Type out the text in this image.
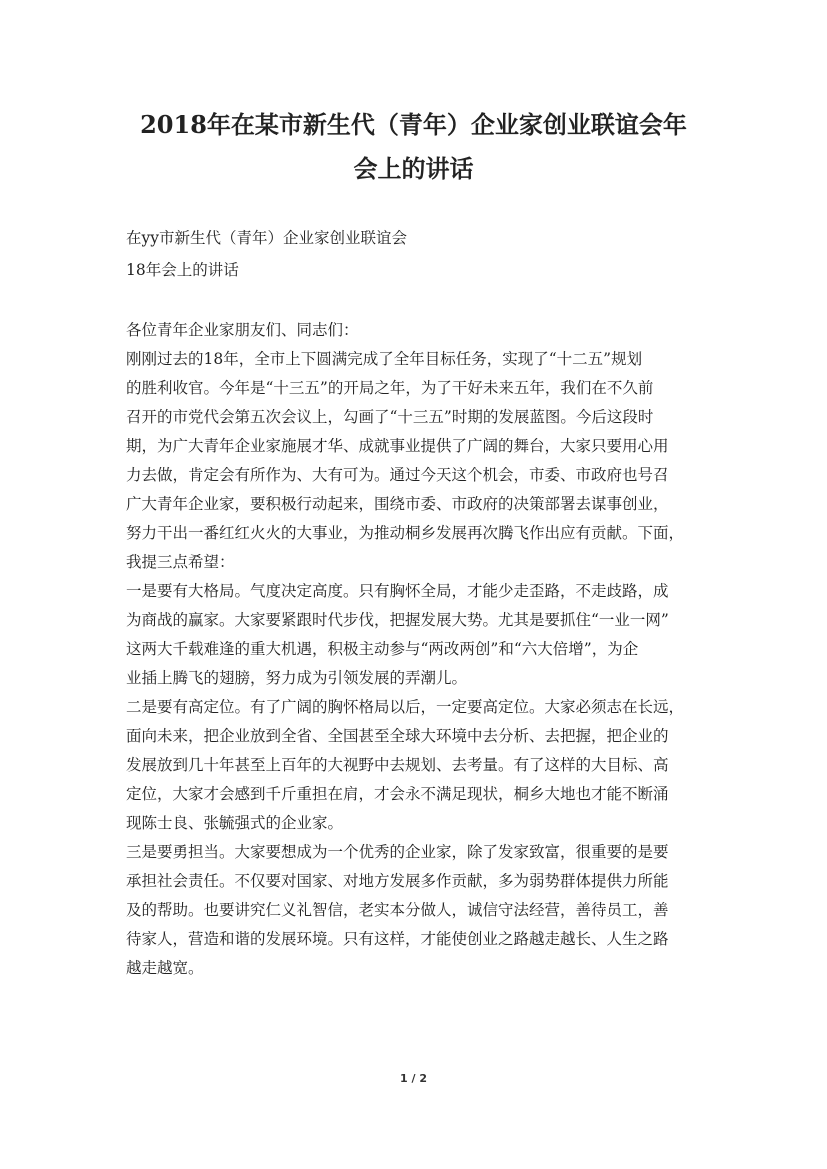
2018年在某市新生代（青年）企业家创业联谊会年
会上的讲话
在yy市新生代（青年）企业家创业联谊会
18年会上的讲话

各位青年企业家朋友们、同志们：

刚刚过去的18年，全市上下圆满完成了全年目标任务，实现了“十二五”规划
的胜利收官。今年是“十三五”的开局之年，为了干好未来五年，我们在不久前
召开的市党代会第五次会议上，勾画了“十三五”时期的发展蓝图。今后这段时
期，为广大青年企业家施展才华、成就事业提供了广阔的舞台，大家只要用心用
力去做，肯定会有所作为、大有可为。通过今天这个机会，市委、市政府也号召
广大青年企业家，要积极行动起来，围绕市委、市政府的决策部署去谋事创业，
努力干出一番红红火火的大事业，为推动桐乡发展再次腾飞作出应有贡献。下面，
我提三点希望：

一是要有大格局。气度决定高度。只有胸怀全局，才能少走歪路，不走歧路，成
为商战的赢家。大家要紧跟时代步伐，把握发展大势。尤其是要抓住“一业一网”
这两大千载难逢的重大机遇，积极主动参与“两改两创”和“六大倍增”，为企
业插上腾飞的翅膀，努力成为引领发展的弄潮儿。

二是要有高定位。有了广阔的胸怀格局以后，一定要高定位。大家必须志在长远，
面向未来，把企业放到全省、全国甚至全球大环境中去分析、去把握，把企业的
发展放到几十年甚至上百年的大视野中去规划、去考量。有了这样的大目标、高
定位，大家才会感到千斤重担在肩，才会永不满足现状，桐乡大地也才能不断涌
现陈士良、张毓强式的企业家。

三是要勇担当。大家要想成为一个优秀的企业家，除了发家致富，很重要的是要
承担社会责任。不仅要对国家、对地方发展多作贡献，多为弱势群体提供力所能
及的帮助。也要讲究仁义礼智信，老实本分做人，诚信守法经营，善待员工，善
待家人，营造和谐的发展环境。只有这样，才能使创业之路越走越长、人生之路
越走越宽。

1 / 2
